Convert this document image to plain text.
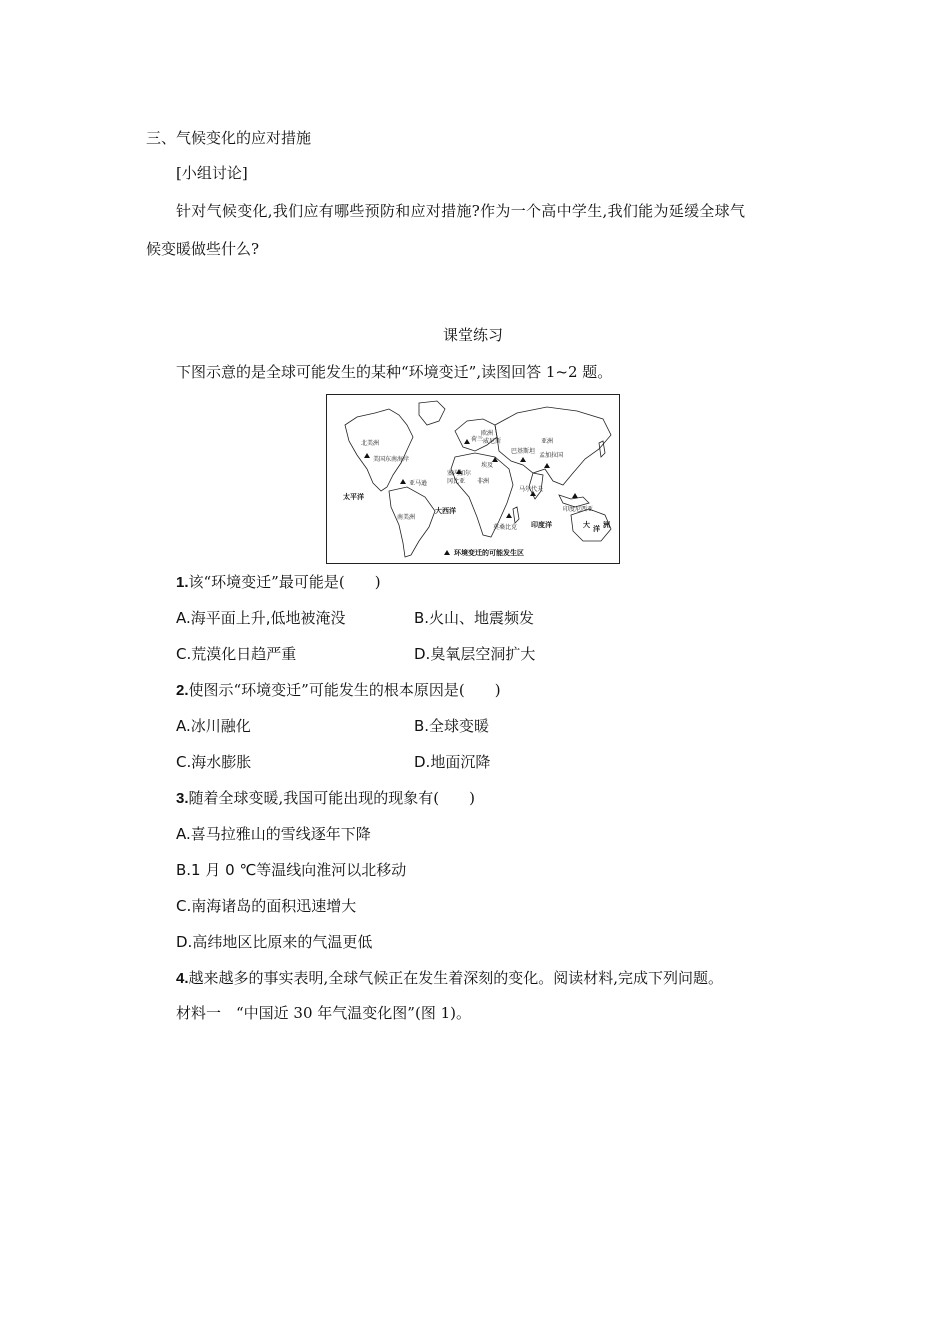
三、气候变化的应对措施
[小组讨论]
针对气候变化,我们应有哪些预防和应对措施?作为一个高中学生,我们能为延缓全球气
候变暖做些什么?
课堂练习
下图示意的是全球可能发生的某种“环境变迁”,读图回答 1~2 题。
北美洲
美国东南海岸
亚马逊
南美洲
太平洋
大西洋
印度洋
欧洲
荷兰 威尼斯
塞内加尔
冈比亚
埃及
非洲
孟加拉国
巴基斯坦
亚洲
马尔代夫
莫桑比克
印度尼西亚
大 洋 洲
环境变迁的可能发生区
1.该“环境变迁”最可能是(　　)
A.海平面上升,低地被淹没	B.火山、地震频发
C.荒漠化日趋严重	D.臭氧层空洞扩大
2.使图示“环境变迁”可能发生的根本原因是(　　)
A.冰川融化	B.全球变暖
C.海水膨胀	D.地面沉降
3.随着全球变暖,我国可能出现的现象有(　　)
A.喜马拉雅山的雪线逐年下降
B.1 月 0 ℃等温线向淮河以北移动
C.南海诸岛的面积迅速增大
D.高纬地区比原来的气温更低
4.越来越多的事实表明,全球气候正在发生着深刻的变化。阅读材料,完成下列问题。
材料一　“中国近 30 年气温变化图”(图 1)。
